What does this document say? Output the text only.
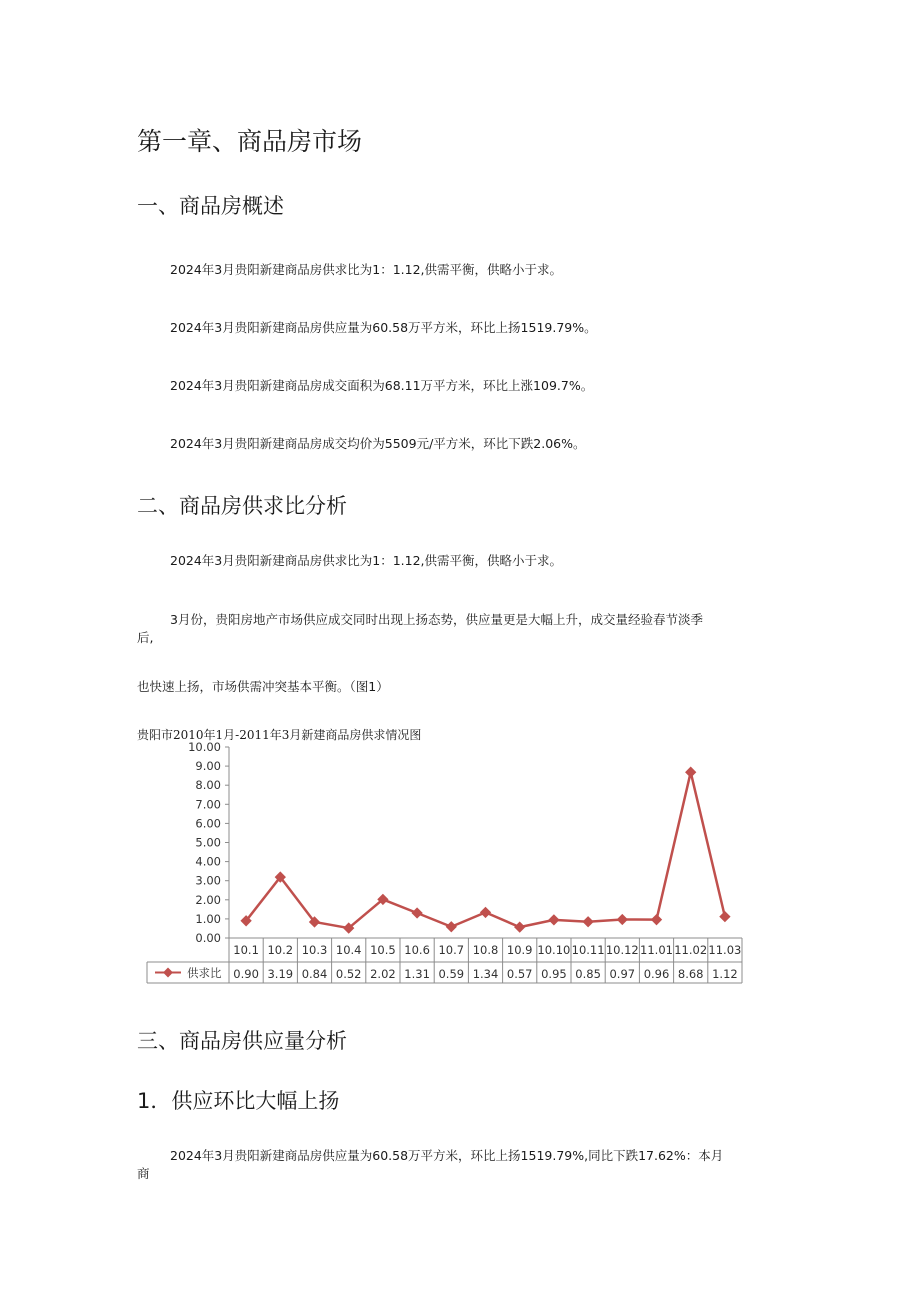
第一章、商品房市场
一、商品房概述
2024年3月贵阳新建商品房供求比为1：1.12,供需平衡，供略小于求。
2024年3月贵阳新建商品房供应量为60.58万平方米，环比上扬1519.79%。
2024年3月贵阳新建商品房成交面积为68.11万平方米，环比上涨109.7%。
2024年3月贵阳新建商品房成交均价为5509元/平方米，环比下跌2.06%。
二、商品房供求比分析
2024年3月贵阳新建商品房供求比为1：1.12,供需平衡，供略小于求。
3月份，贵阳房地产市场供应成交同时出现上扬态势，供应量更是大幅上升，成交量经验春节淡季
后,
也快速上扬，市场供需冲突基本平衡。（图1）
贵阳市2010年1月-2011年3月新建商品房供求情况图
0.00
1.00
2.00
3.00
4.00
5.00
6.00
7.00
8.00
9.00
10.00
10.1 10.2 10.3 10.4 10.5 10.6 10.7 10.8 10.9 10.10 10.11 10.12 11.01 11.02 11.03
供求比 0.90 3.19 0.84 0.52 2.02 1.31 0.59 1.34 0.57 0.95 0.85 0.97 0.96 8.68 1.12
三、商品房供应量分析
1．供应环比大幅上扬
2024年3月贵阳新建商品房供应量为60.58万平方米，环比上扬1519.79%,同比下跌17.62%：本月
商
